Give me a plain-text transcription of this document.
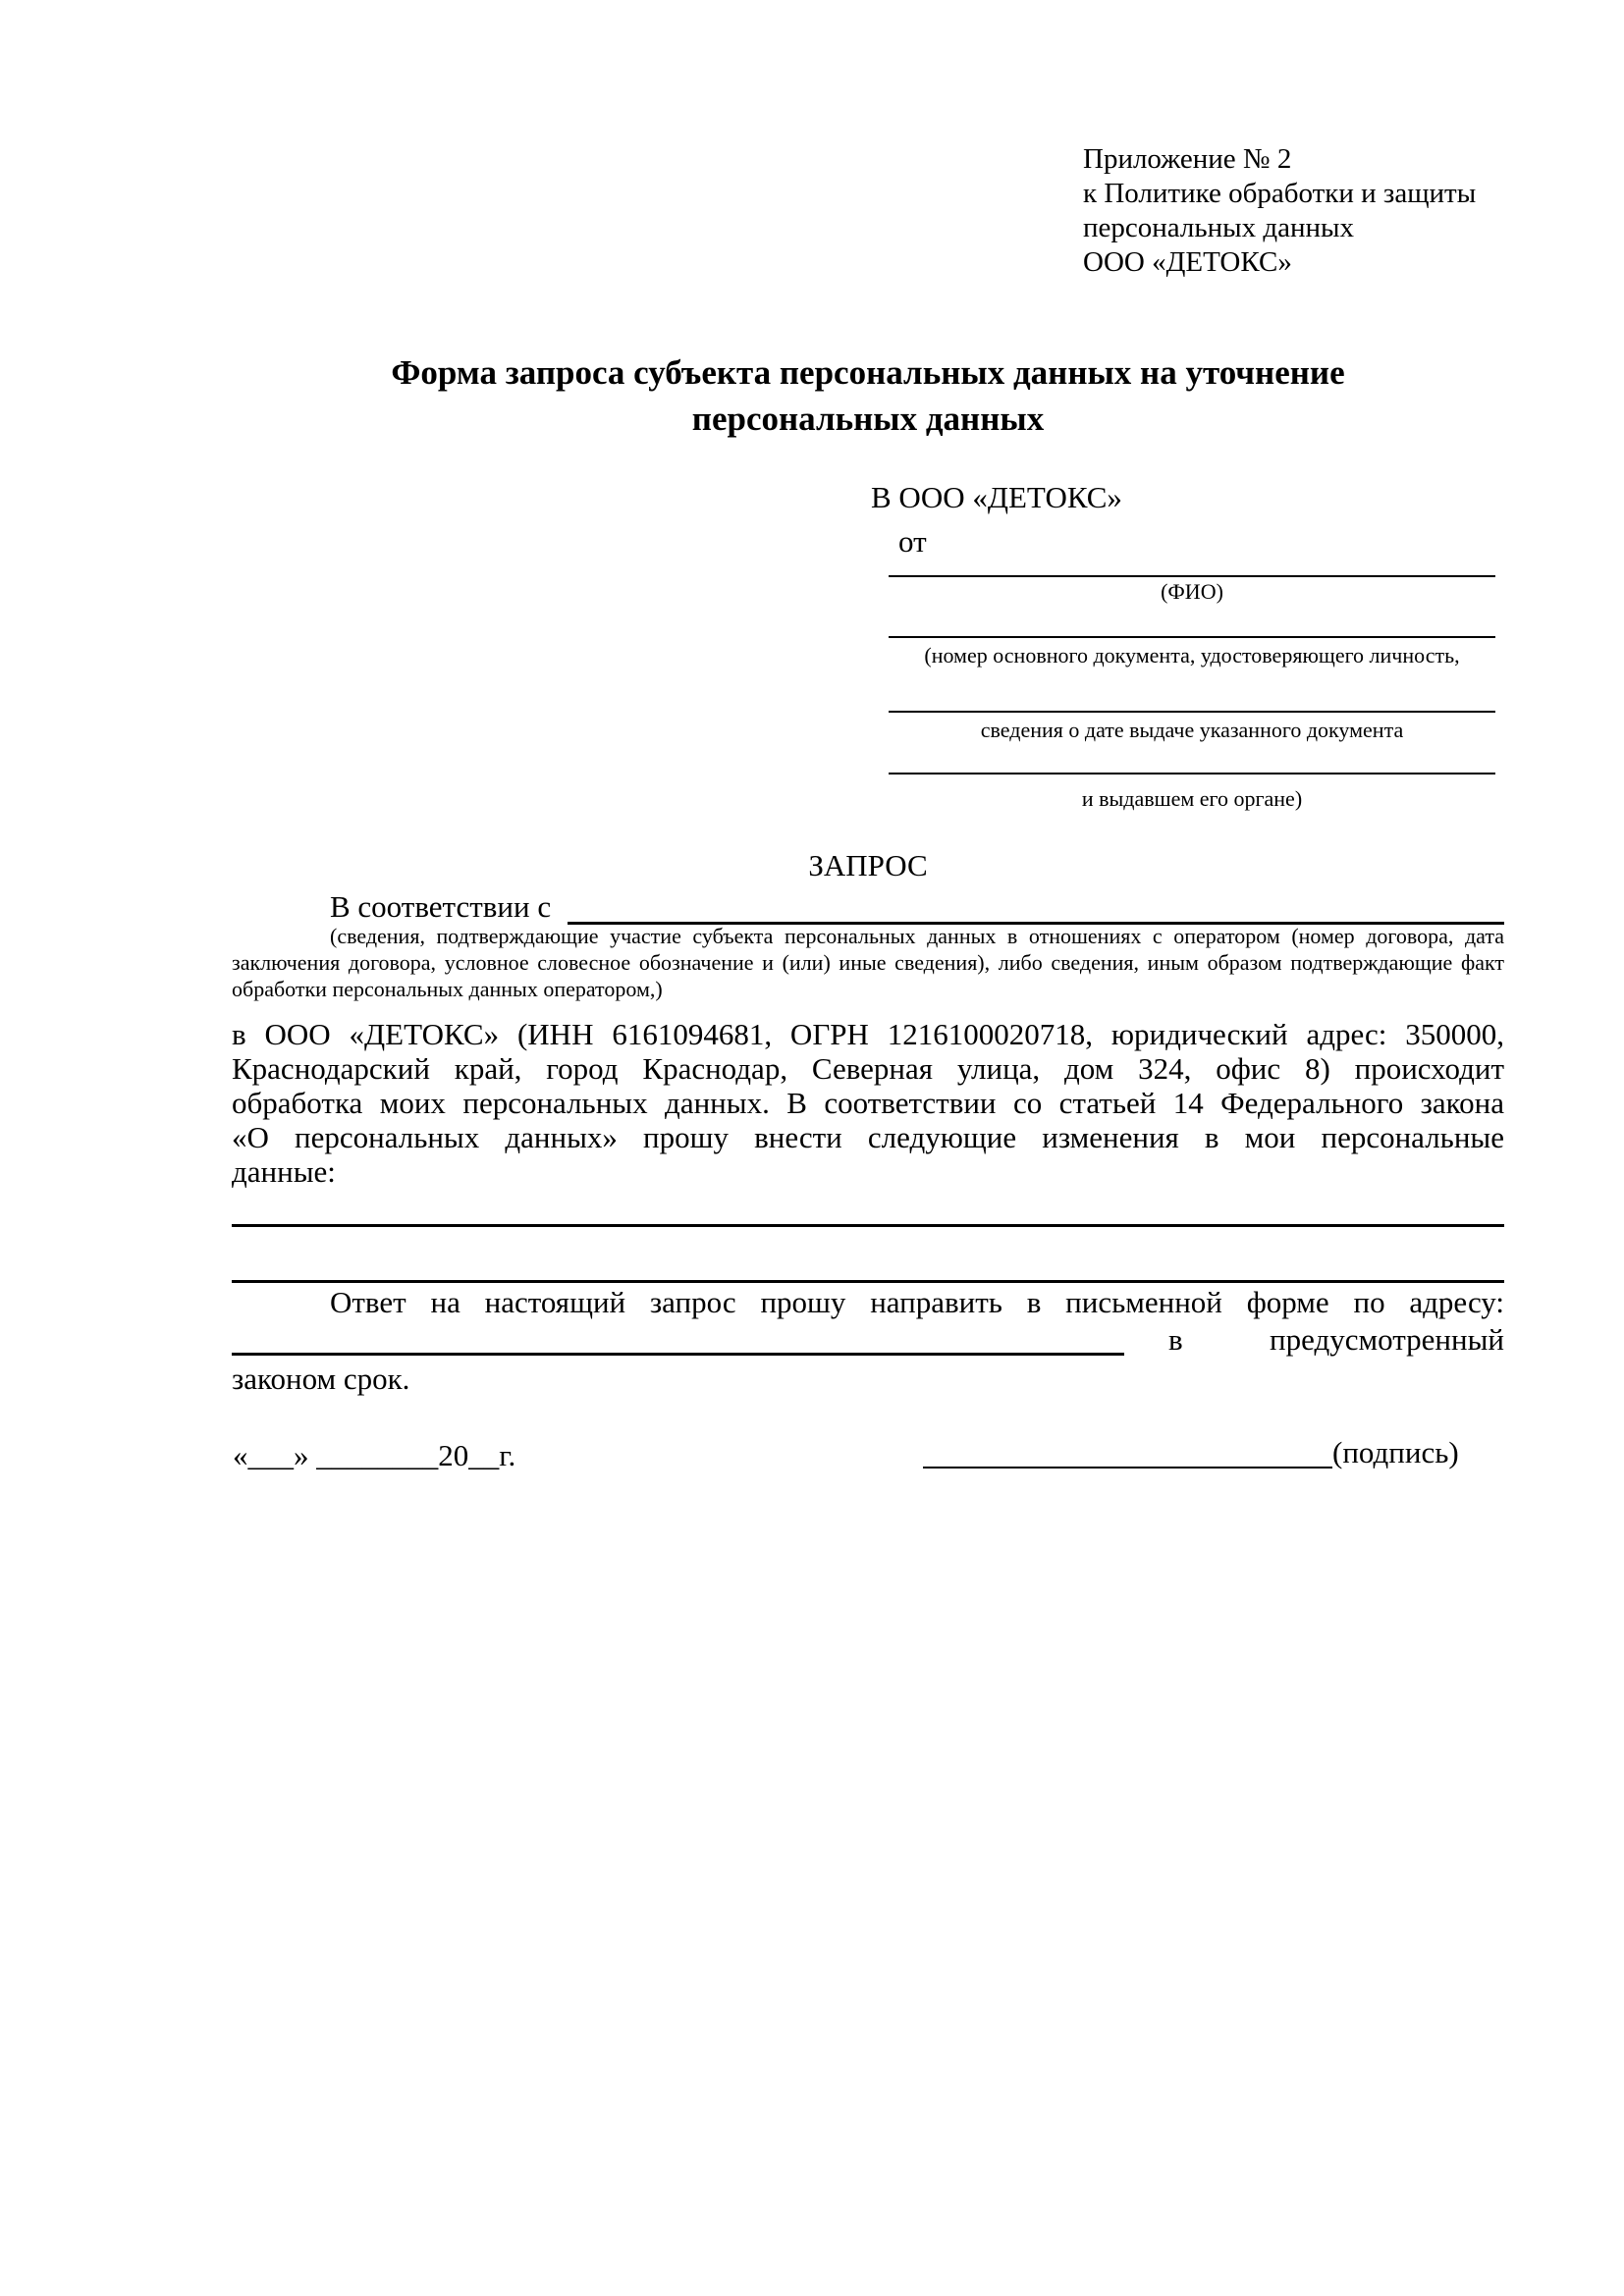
Приложение № 2
к Политике обработки и защиты
персональных данных
ООО «ДЕТОКС»
Форма запроса субъекта персональных данных на уточнение
персональных данных
В ООО «ДЕТОКС»
от
(ФИО)
(номер основного документа, удостоверяющего личность,
сведения о дате выдаче указанного документа
и выдавшем его органе)
ЗАПРОС
В соответствии с
(сведения, подтверждающие участие субъекта персональных данных в отношениях с оператором (номер договора, дата
заключения договора, условное словесное обозначение и (или) иные сведения), либо сведения, иным образом подтверждающие факт
обработки персональных данных оператором,)
в ООО «ДЕТОКС» (ИНН 6161094681, ОГРН 1216100020718, юридический адрес: 350000,
Краснодарский край, город Краснодар, Северная улица, дом 324, офис 8) происходит
обработка моих персональных данных. В соответствии со статьей 14 Федерального закона
«О персональных данных» прошу внести следующие изменения в мои персональные
данные:
Ответ на настоящий запрос прошу направить в письменной форме по адресу:
в	предусмотренный
законом срок.
«___» ________20__г.	(подпись)
